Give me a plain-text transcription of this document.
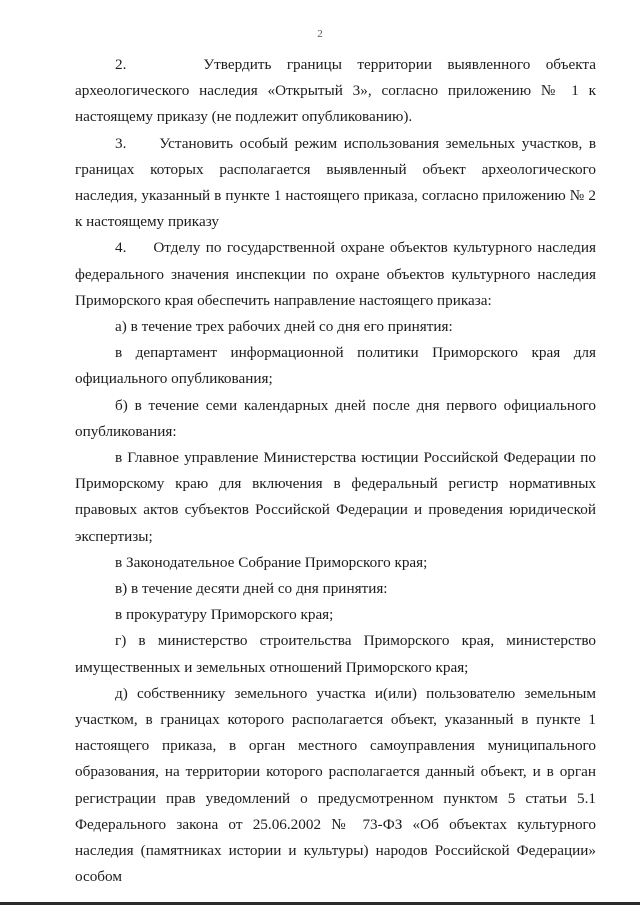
2

2.     Утвердить границы территории выявленного объекта археологического наследия «Открытый 3», согласно приложению № 1 к настоящему приказу (не подлежит опубликованию).

3.     Установить особый режим использования земельных участков, в границах которых располагается выявленный объект археологического наследия, указанный в пункте 1 настоящего приказа, согласно приложению № 2 к настоящему приказу

4.     Отделу по государственной охране объектов культурного наследия федерального значения инспекции по охране объектов культурного наследия Приморского края обеспечить направление настоящего приказа:

а) в течение трех рабочих дней со дня его принятия:

в департамент информационной политики Приморского края для официального опубликования;

б) в течение семи календарных дней после дня первого официального опубликования:

в Главное управление Министерства юстиции Российской Федерации по Приморскому краю для включения в федеральный регистр нормативных правовых актов субъектов Российской Федерации и проведения юридической экспертизы;

в Законодательное Собрание Приморского края;

в) в течение десяти дней со дня принятия:

в прокуратуру Приморского края;

г) в министерство строительства Приморского края, министерство имущественных и земельных отношений Приморского края;

д) собственнику земельного участка и(или) пользователю земельным участком, в границах которого располагается объект, указанный в пункте 1 настоящего приказа, в орган местного самоуправления муниципального образования, на территории которого располагается данный объект, и в орган регистрации прав уведомлений о предусмотренном пунктом 5 статьи 5.1 Федерального закона от 25.06.2002 № 73-ФЗ «Об объектах культурного наследия (памятниках истории и культуры) народов Российской Федерации» особом
